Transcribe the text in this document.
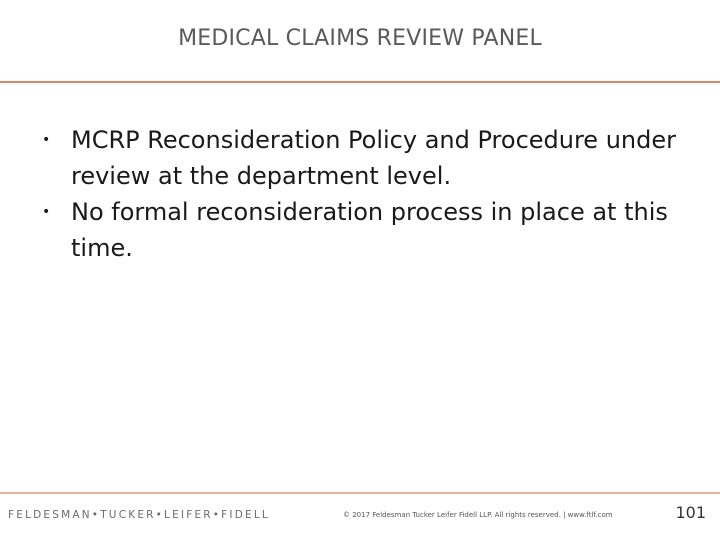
MEDICAL CLAIMS REVIEW PANEL
• MCRP Reconsideration Policy and Procedure under review at the department level.
• No formal reconsideration process in place at this time.
FELDESMAN•TUCKER•LEIFER•FIDELL	© 2017 Feldesman Tucker Leifer Fidell LLP. All rights reserved. | www.ftlf.com	101
